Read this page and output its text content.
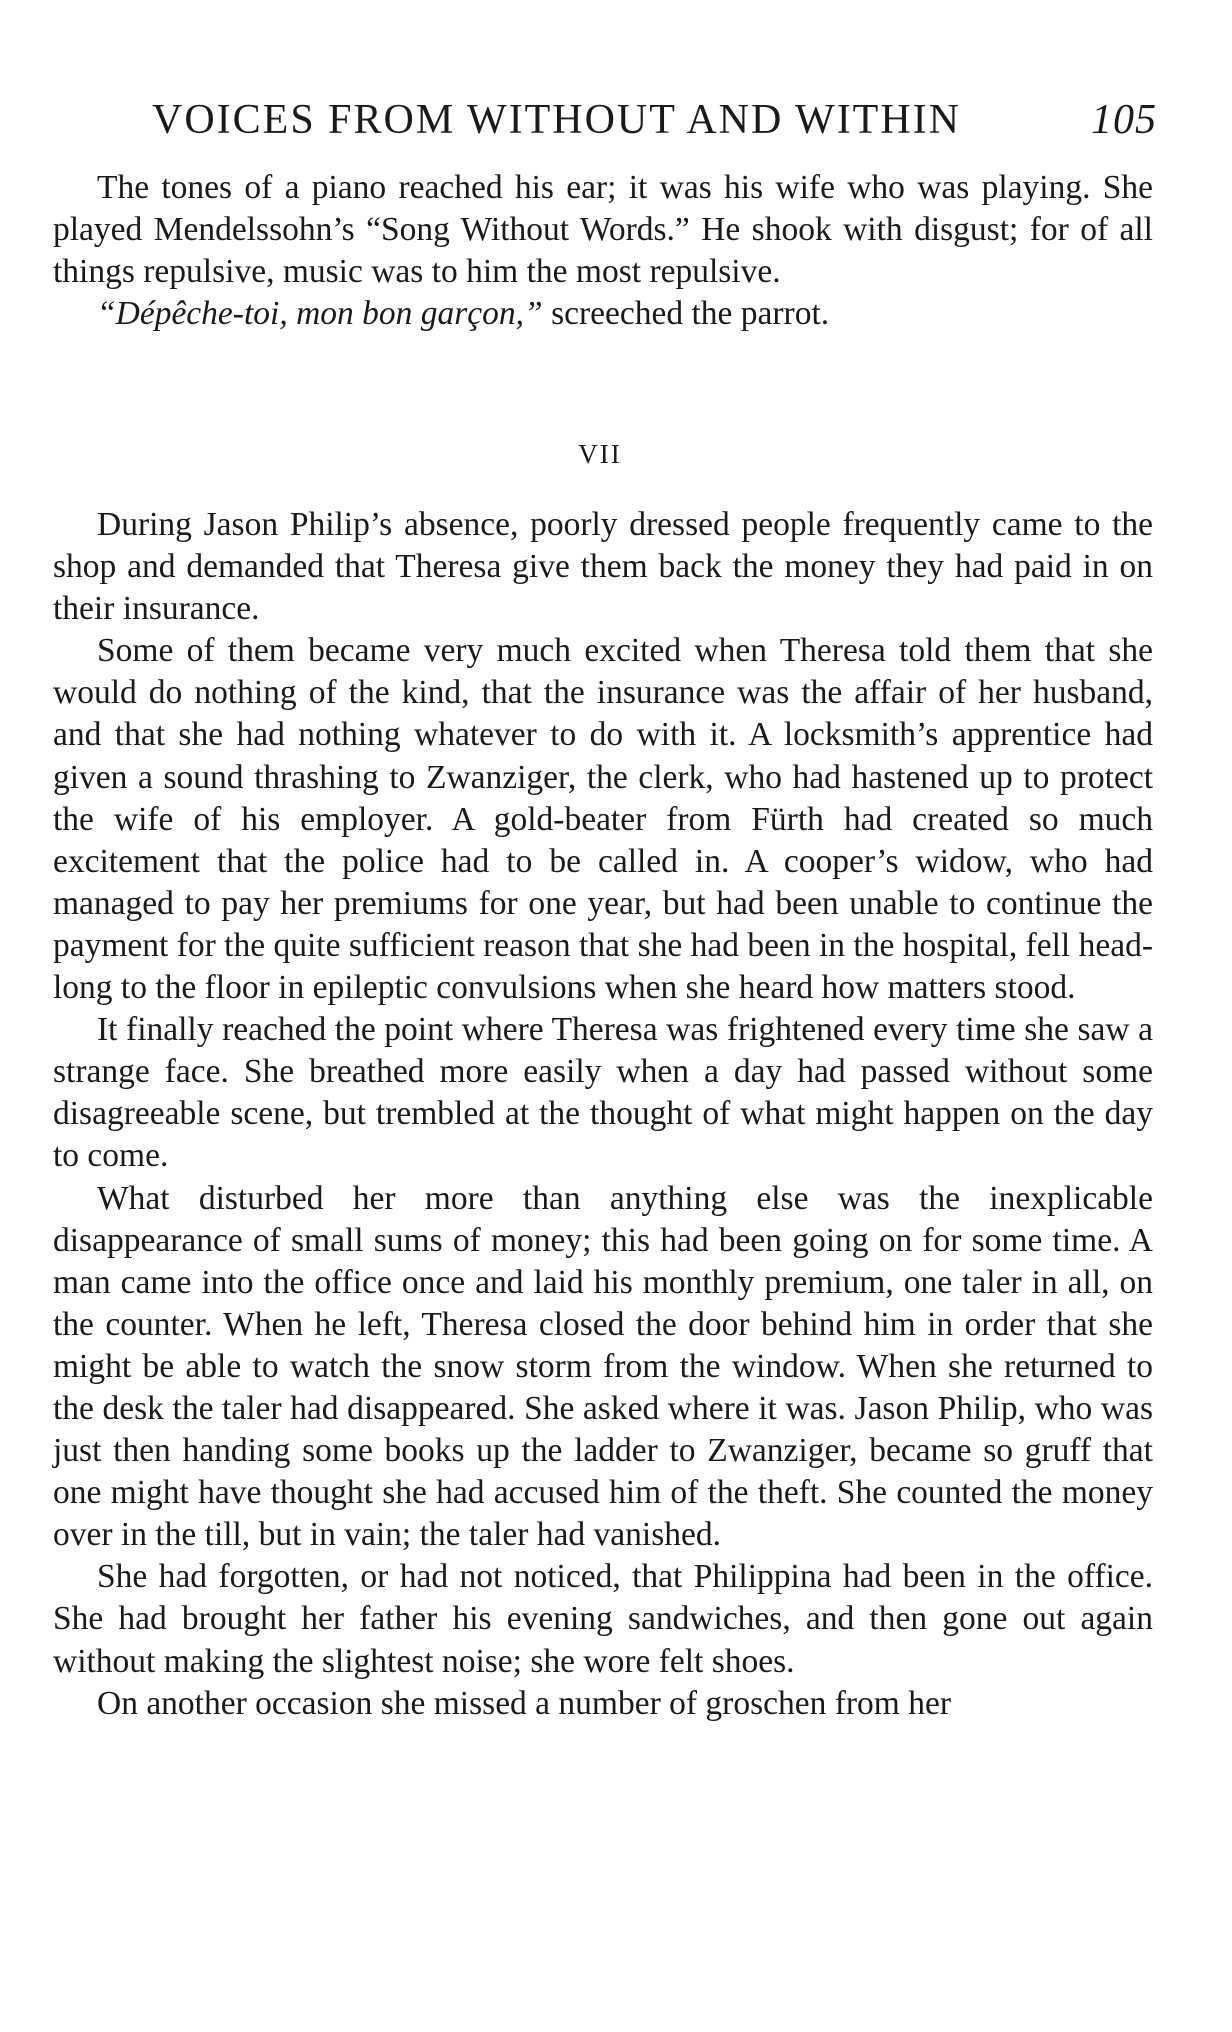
VOICES FROM WITHOUT AND WITHIN	105

The tones of a piano reached his ear; it was his wife who was playing. She played Mendelssohn’s “Song Without Words.” He shook with disgust; for of all things repulsive, music was to him the most repulsive.

“Dépêche-toi, mon bon garçon,” screeched the parrot.

VII

During Jason Philip’s absence, poorly dressed people frequently came to the shop and demanded that Theresa give them back the money they had paid in on their insurance.

Some of them became very much excited when Theresa told them that she would do nothing of the kind, that the insurance was the affair of her husband, and that she had nothing whatever to do with it. A locksmith’s apprentice had given a sound thrashing to Zwanziger, the clerk, who had hastened up to protect the wife of his employer. A gold-beater from Fürth had created so much excitement that the police had to be called in. A cooper’s widow, who had managed to pay her premiums for one year, but had been unable to continue the payment for the quite sufficient reason that she had been in the hospital, fell head-long to the floor in epileptic convulsions when she heard how matters stood.

It finally reached the point where Theresa was frightened every time she saw a strange face. She breathed more easily when a day had passed without some disagreeable scene, but trembled at the thought of what might happen on the day to come.

What disturbed her more than anything else was the inexplicable disappearance of small sums of money; this had been going on for some time. A man came into the office once and laid his monthly premium, one taler in all, on the counter. When he left, Theresa closed the door behind him in order that she might be able to watch the snow storm from the window. When she returned to the desk the taler had disappeared. She asked where it was. Jason Philip, who was just then handing some books up the ladder to Zwanziger, became so gruff that one might have thought she had accused him of the theft. She counted the money over in the till, but in vain; the taler had vanished.

She had forgotten, or had not noticed, that Philippina had been in the office. She had brought her father his evening sandwiches, and then gone out again without making the slightest noise; she wore felt shoes.

On another occasion she missed a number of groschen from her
